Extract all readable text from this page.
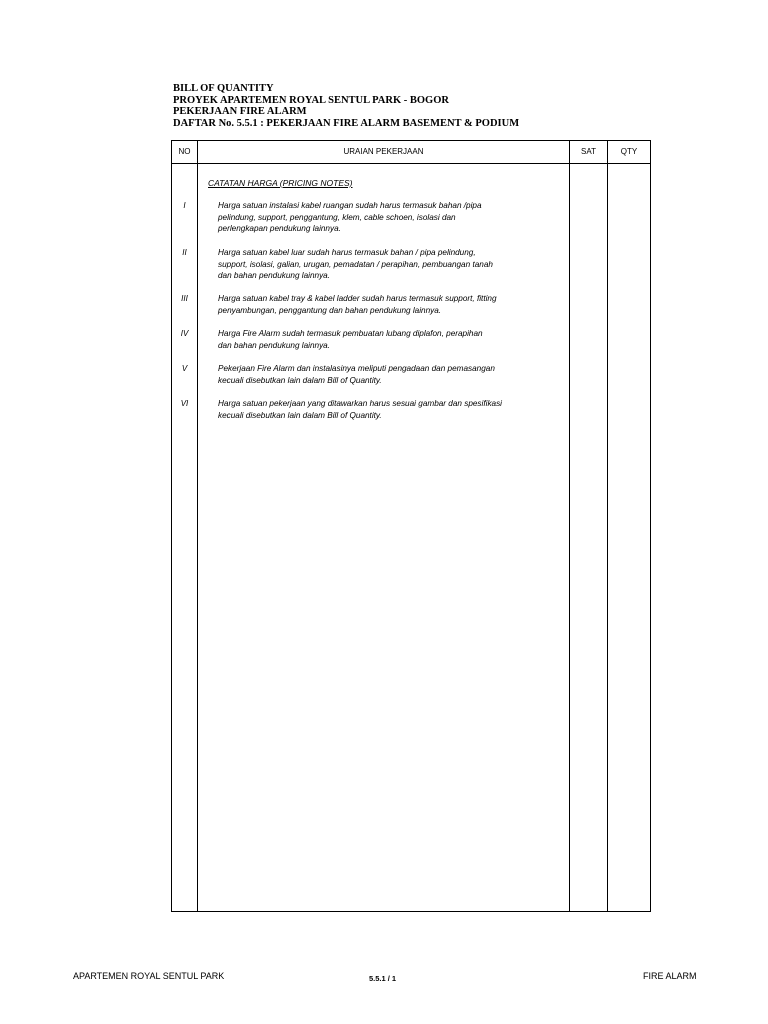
BILL OF QUANTITY
PROYEK APARTEMEN ROYAL SENTUL PARK - BOGOR
PEKERJAAN FIRE ALARM
DAFTAR No. 5.5.1 : PEKERJAAN FIRE ALARM BASEMENT & PODIUM
NO	URAIAN PEKERJAAN	SAT	QTY
CATATAN HARGA (PRICING NOTES)
I	Harga satuan instalasi kabel ruangan sudah harus termasuk bahan /pipa
pelindung, support, penggantung, klem, cable schoen, isolasi dan
perlengkapan pendukung lainnya.
II	Harga satuan kabel luar sudah harus termasuk bahan / pipa pelindung,
support, isolasi, galian, urugan, pemadatan / perapihan, pembuangan tanah
dan bahan pendukung lainnya.
III	Harga satuan kabel tray & kabel ladder sudah harus termasuk support, fitting
penyambungan, penggantung dan bahan pendukung lainnya.
IV	Harga Fire Alarm sudah termasuk pembuatan lubang diplafon, perapihan
dan bahan pendukung lainnya.
V	Pekerjaan Fire Alarm dan instalasinya meliputi pengadaan dan pemasangan
kecuali disebutkan lain dalam Bill of Quantity.
VI	Harga satuan pekerjaan yang ditawarkan harus sesuai gambar dan spesifikasi
kecuali disebutkan lain dalam Bill of Quantity.
APARTEMEN ROYAL SENTUL PARK	5.5.1 / 1	FIRE ALARM
